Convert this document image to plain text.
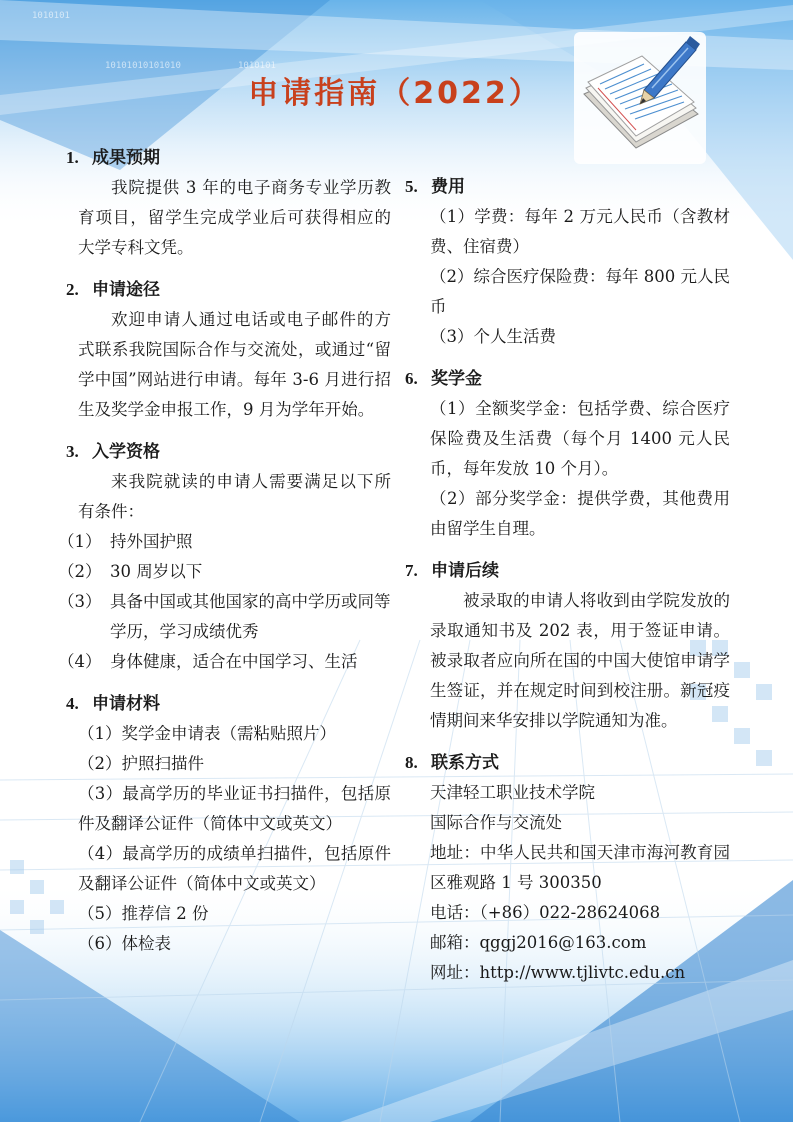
1010101
10101010101010	1010101
申请指南（2022）

1. 成果预期

我院提供 3 年的电子商务专业学历教育项目，留学生完成学业后可获得相应的大学专科文凭。

2. 申请途径

欢迎申请人通过电话或电子邮件的方式联系我院国际合作与交流处，或通过“留学中国”网站进行申请。每年 3-6 月进行招生及奖学金申报工作，9 月为学年开始。

3. 入学资格

来我院就读的申请人需要满足以下所有条件：

（1） 持外国护照

（2） 30 周岁以下

（3） 具备中国或其他国家的高中学历或同等学历，学习成绩优秀

（4） 身体健康，适合在中国学习、生活

4. 申请材料

（1）奖学金申请表（需粘贴照片）

（2）护照扫描件

（3）最高学历的毕业证书扫描件，包括原件及翻译公证件（简体中文或英文）

（4）最高学历的成绩单扫描件，包括原件及翻译公证件（简体中文或英文）

（5）推荐信 2 份

（6）体检表

5. 费用

（1）学费：每年 2 万元人民币（含教材费、住宿费）

（2）综合医疗保险费：每年 800 元人民币

（3）个人生活费

6. 奖学金

（1）全额奖学金：包括学费、综合医疗保险费及生活费（每个月 1400 元人民币，每年发放 10 个月）。

（2）部分奖学金：提供学费，其他费用由留学生自理。

7. 申请后续

被录取的申请人将收到由学院发放的录取通知书及 202 表，用于签证申请。被录取者应向所在国的中国大使馆申请学生签证，并在规定时间到校注册。新冠疫情期间来华安排以学院通知为准。

8. 联系方式

天津轻工职业技术学院

国际合作与交流处

地址：中华人民共和国天津市海河教育园区雅观路 1 号 300350

电话：（+86）022-28624068

邮箱：qggj2016@163.com

网址：http://www.tjlivtc.edu.cn
